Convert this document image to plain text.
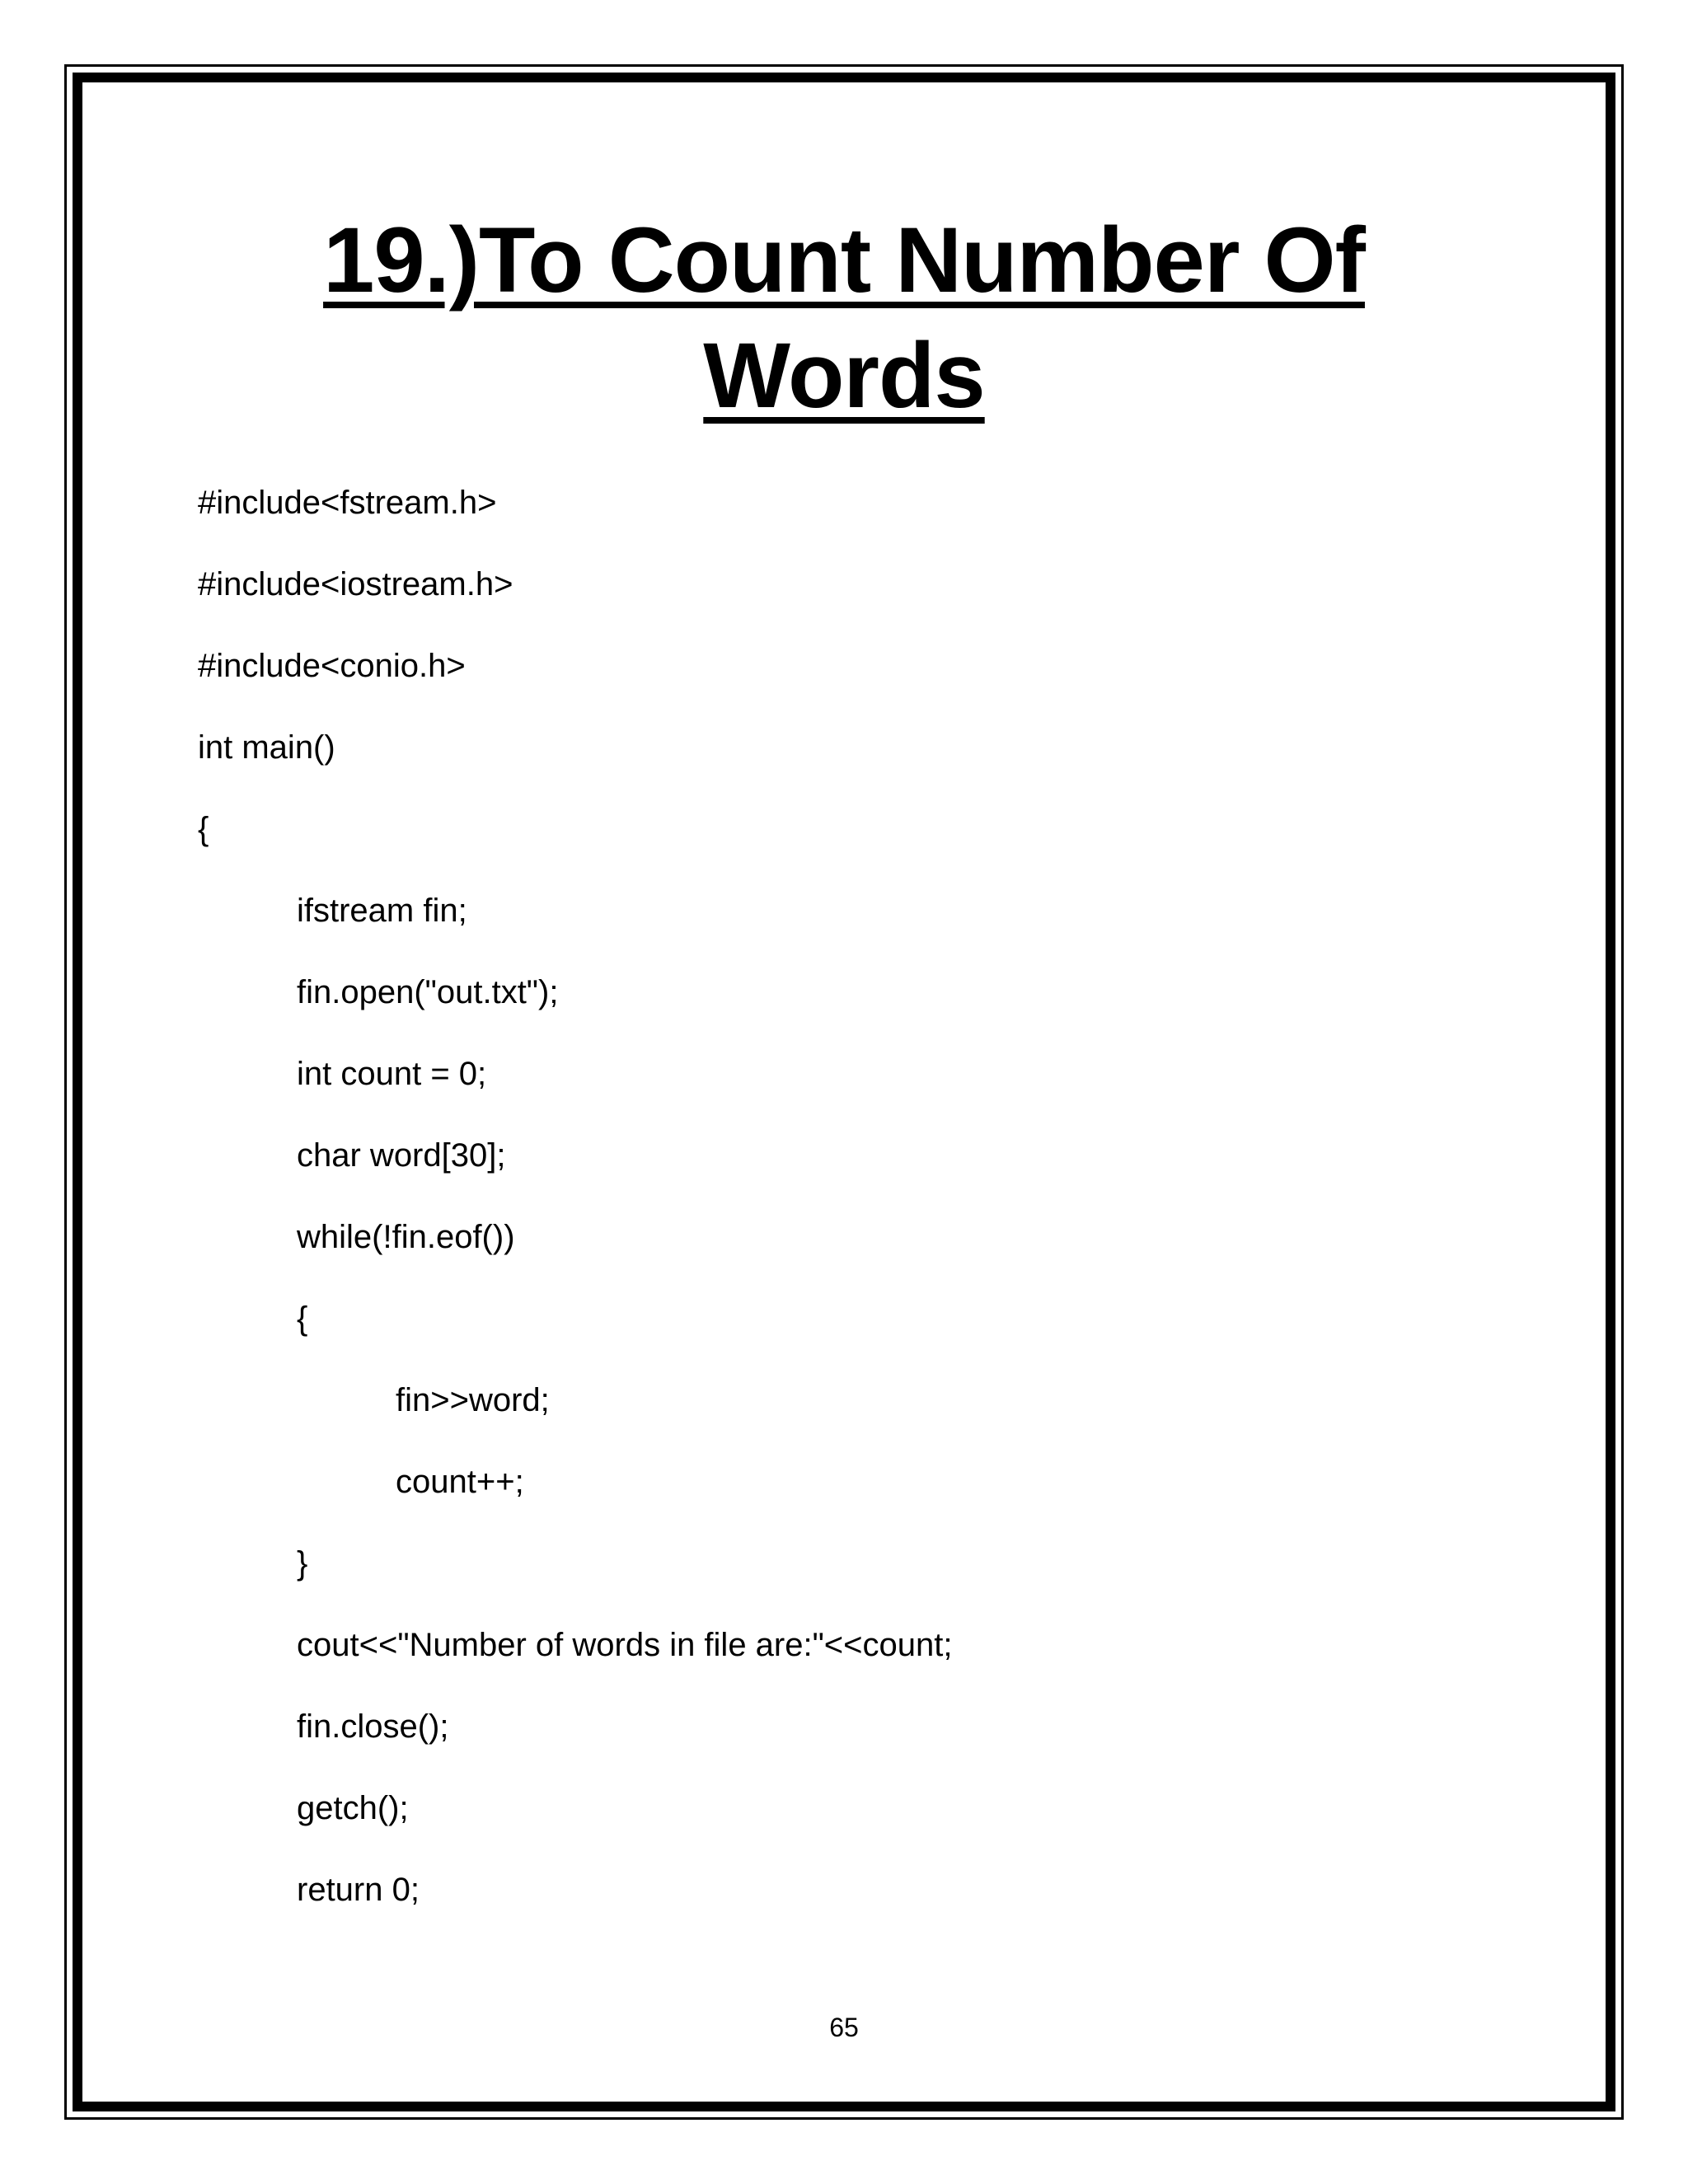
19.)To Count Number Of
Words
#include<fstream.h>
#include<iostream.h>
#include<conio.h>
int main()
{
ifstream fin;
fin.open("out.txt");
int count = 0;
char word[30];
while(!fin.eof())
{
fin>>word;
count++;
}
cout<<"Number of words in file are:"<<count;
fin.close();
getch();
return 0;
65
